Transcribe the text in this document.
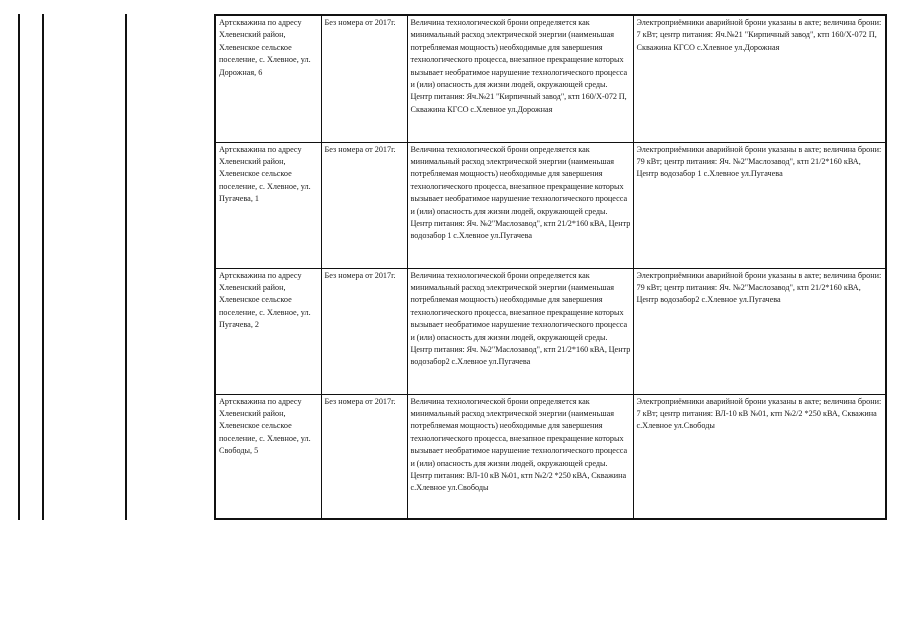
Артскважина по адресу Хлевенский район, Хлевенское сельское поселение, с. Хлевное, ул. Дорожная, 6	Без номера от 2017г.	Величина технологической брони определяется как минимальный расход электрической энергии (наименьшая потребляемая мощность) необходимые для завершения технологического процесса, внезапное прекращение которых вызывает необратимое нарушение технологического процесса и (или) опасность для жизни людей, окружающей среды. Центр питания: Яч.№21 "Кирпичный завод", ктп 160/Х-072 П, Скважина КГСО с.Хлевное ул.Дорожная	Электроприёмники аварийной брони указаны в акте; величина брони: 7 кВт; центр питания: Яч.№21 "Кирпичный завод", ктп 160/Х-072 П, Скважина КГСО с.Хлевное ул.Дорожная
Артскважина по адресу Хлевенский район, Хлевенское сельское поселение, с. Хлевное, ул. Пугачева, 1	Без номера от 2017г.	Величина технологической брони определяется как минимальный расход электрической энергии (наименьшая потребляемая мощность) необходимые для завершения технологического процесса, внезапное прекращение которых вызывает необратимое нарушение технологического процесса и (или) опасность для жизни людей, окружающей среды. Центр питания: Яч. №2"Маслозавод", ктп 21/2*160 кВА, Центр водозабор 1 с.Хлевное ул.Пугачева	Электроприёмники аварийной брони указаны в акте; величина брони: 79 кВт; центр питания: Яч. №2"Маслозавод", ктп 21/2*160 кВА, Центр водозабор 1 с.Хлевное ул.Пугачева
Артскважина по адресу Хлевенский район, Хлевенское сельское поселение, с. Хлевное, ул. Пугачева, 2	Без номера от 2017г.	Величина технологической брони определяется как минимальный расход электрической энергии (наименьшая потребляемая мощность) необходимые для завершения технологического процесса, внезапное прекращение которых вызывает необратимое нарушение технологического процесса и (или) опасность для жизни людей, окружающей среды. Центр питания: Яч. №2"Маслозавод", ктп 21/2*160 кВА, Центр водозабор2 с.Хлевное ул.Пугачева	Электроприёмники аварийной брони указаны в акте; величина брони: 79 кВт; центр питания: Яч. №2"Маслозавод", ктп 21/2*160 кВА, Центр водозабор2 с.Хлевное ул.Пугачева
Артскважина по адресу Хлевенский район, Хлевенское сельское поселение, с. Хлевное, ул. Свободы, 5	Без номера от 2017г.	Величина технологической брони определяется как минимальный расход электрической энергии (наименьшая потребляемая мощность) необходимые для завершения технологического процесса, внезапное прекращение которых вызывает необратимое нарушение технологического процесса и (или) опасность для жизни людей, окружающей среды. Центр питания: ВЛ-10 кВ №01, ктп №2/2 *250 кВА, Скважина с.Хлевное ул.Свободы	Электроприёмники аварийной брони указаны в акте; величина брони: 7 кВт; центр питания: ВЛ-10 кВ №01, ктп №2/2 *250 кВА, Скважина с.Хлевное ул.Свободы
